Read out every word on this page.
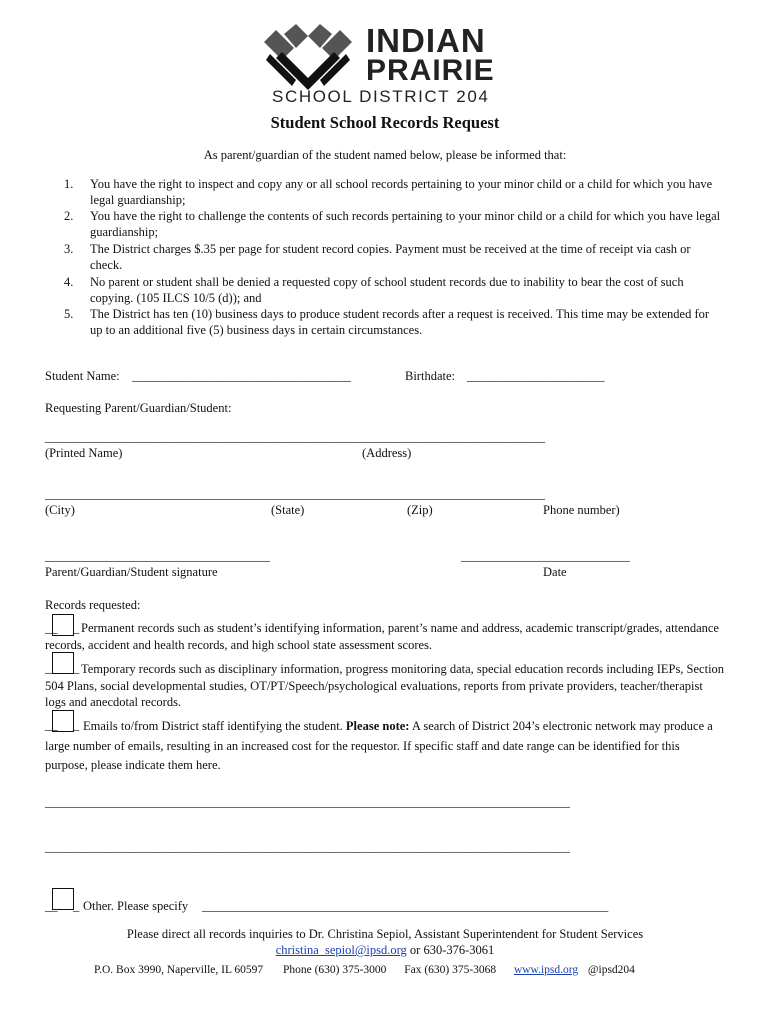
INDIAN
PRAIRIE
SCHOOL DISTRICT 204
Student School Records Request
As parent/guardian of the student named below, please be informed that:
1. You have the right to inspect and copy any or all school records pertaining to your minor child or a child for which you have legal guardianship;
2. You have the right to challenge the contents of such records pertaining to your minor child or a child for which you have legal guardianship;
3. The District charges $.35 per page for student record copies. Payment must be received at the time of receipt via cash or check.
4. No parent or student shall be denied a requested copy of school student records due to inability to bear the cost of such copying. (105 ILCS 10/5 (d)); and
5. The District has ten (10) business days to produce student records after a request is received. This time may be extended for up to an additional five (5) business days in certain circumstances.
Student Name: ___________________________________	Birthdate: ______________________
Requesting Parent/Guardian/Student:
________________________________________________________________________________
(Printed Name)	(Address)
________________________________________________________________________________
(City)	(State)	(Zip)	Phone number)
____________________________________	___________________________
Parent/Guardian/Student signature	Date
Records requested:
__ _ Permanent records such as student’s identifying information, parent’s name and address, academic transcript/grades, attendance records, accident and health records, and high school state assessment scores.
__ _ Temporary records such as disciplinary information, progress monitoring data, special education records including IEPs, Section 504 Plans, social developmental studies, OT/PT/Speech/psychological evaluations, reports from private providers, teacher/therapist logs and anecdotal records.
__ _ Emails to/from District staff identifying the student. Please note: A search of District 204’s electronic network may produce a large number of emails, resulting in an increased cost for the requestor. If specific staff and date range can be identified for this purpose, please indicate them here.
____________________________________________________________________________________
____________________________________________________________________________________
__ _ Other. Please specify _________________________________________________________________
Please direct all records inquiries to Dr. Christina Sepiol, Assistant Superintendent for Student Services
christina_sepiol@ipsd.org or 630-376-3061
P.O. Box 3990, Naperville, IL 60597 Phone (630) 375-3000 Fax (630) 375-3068 www.ipsd.org @ipsd204
